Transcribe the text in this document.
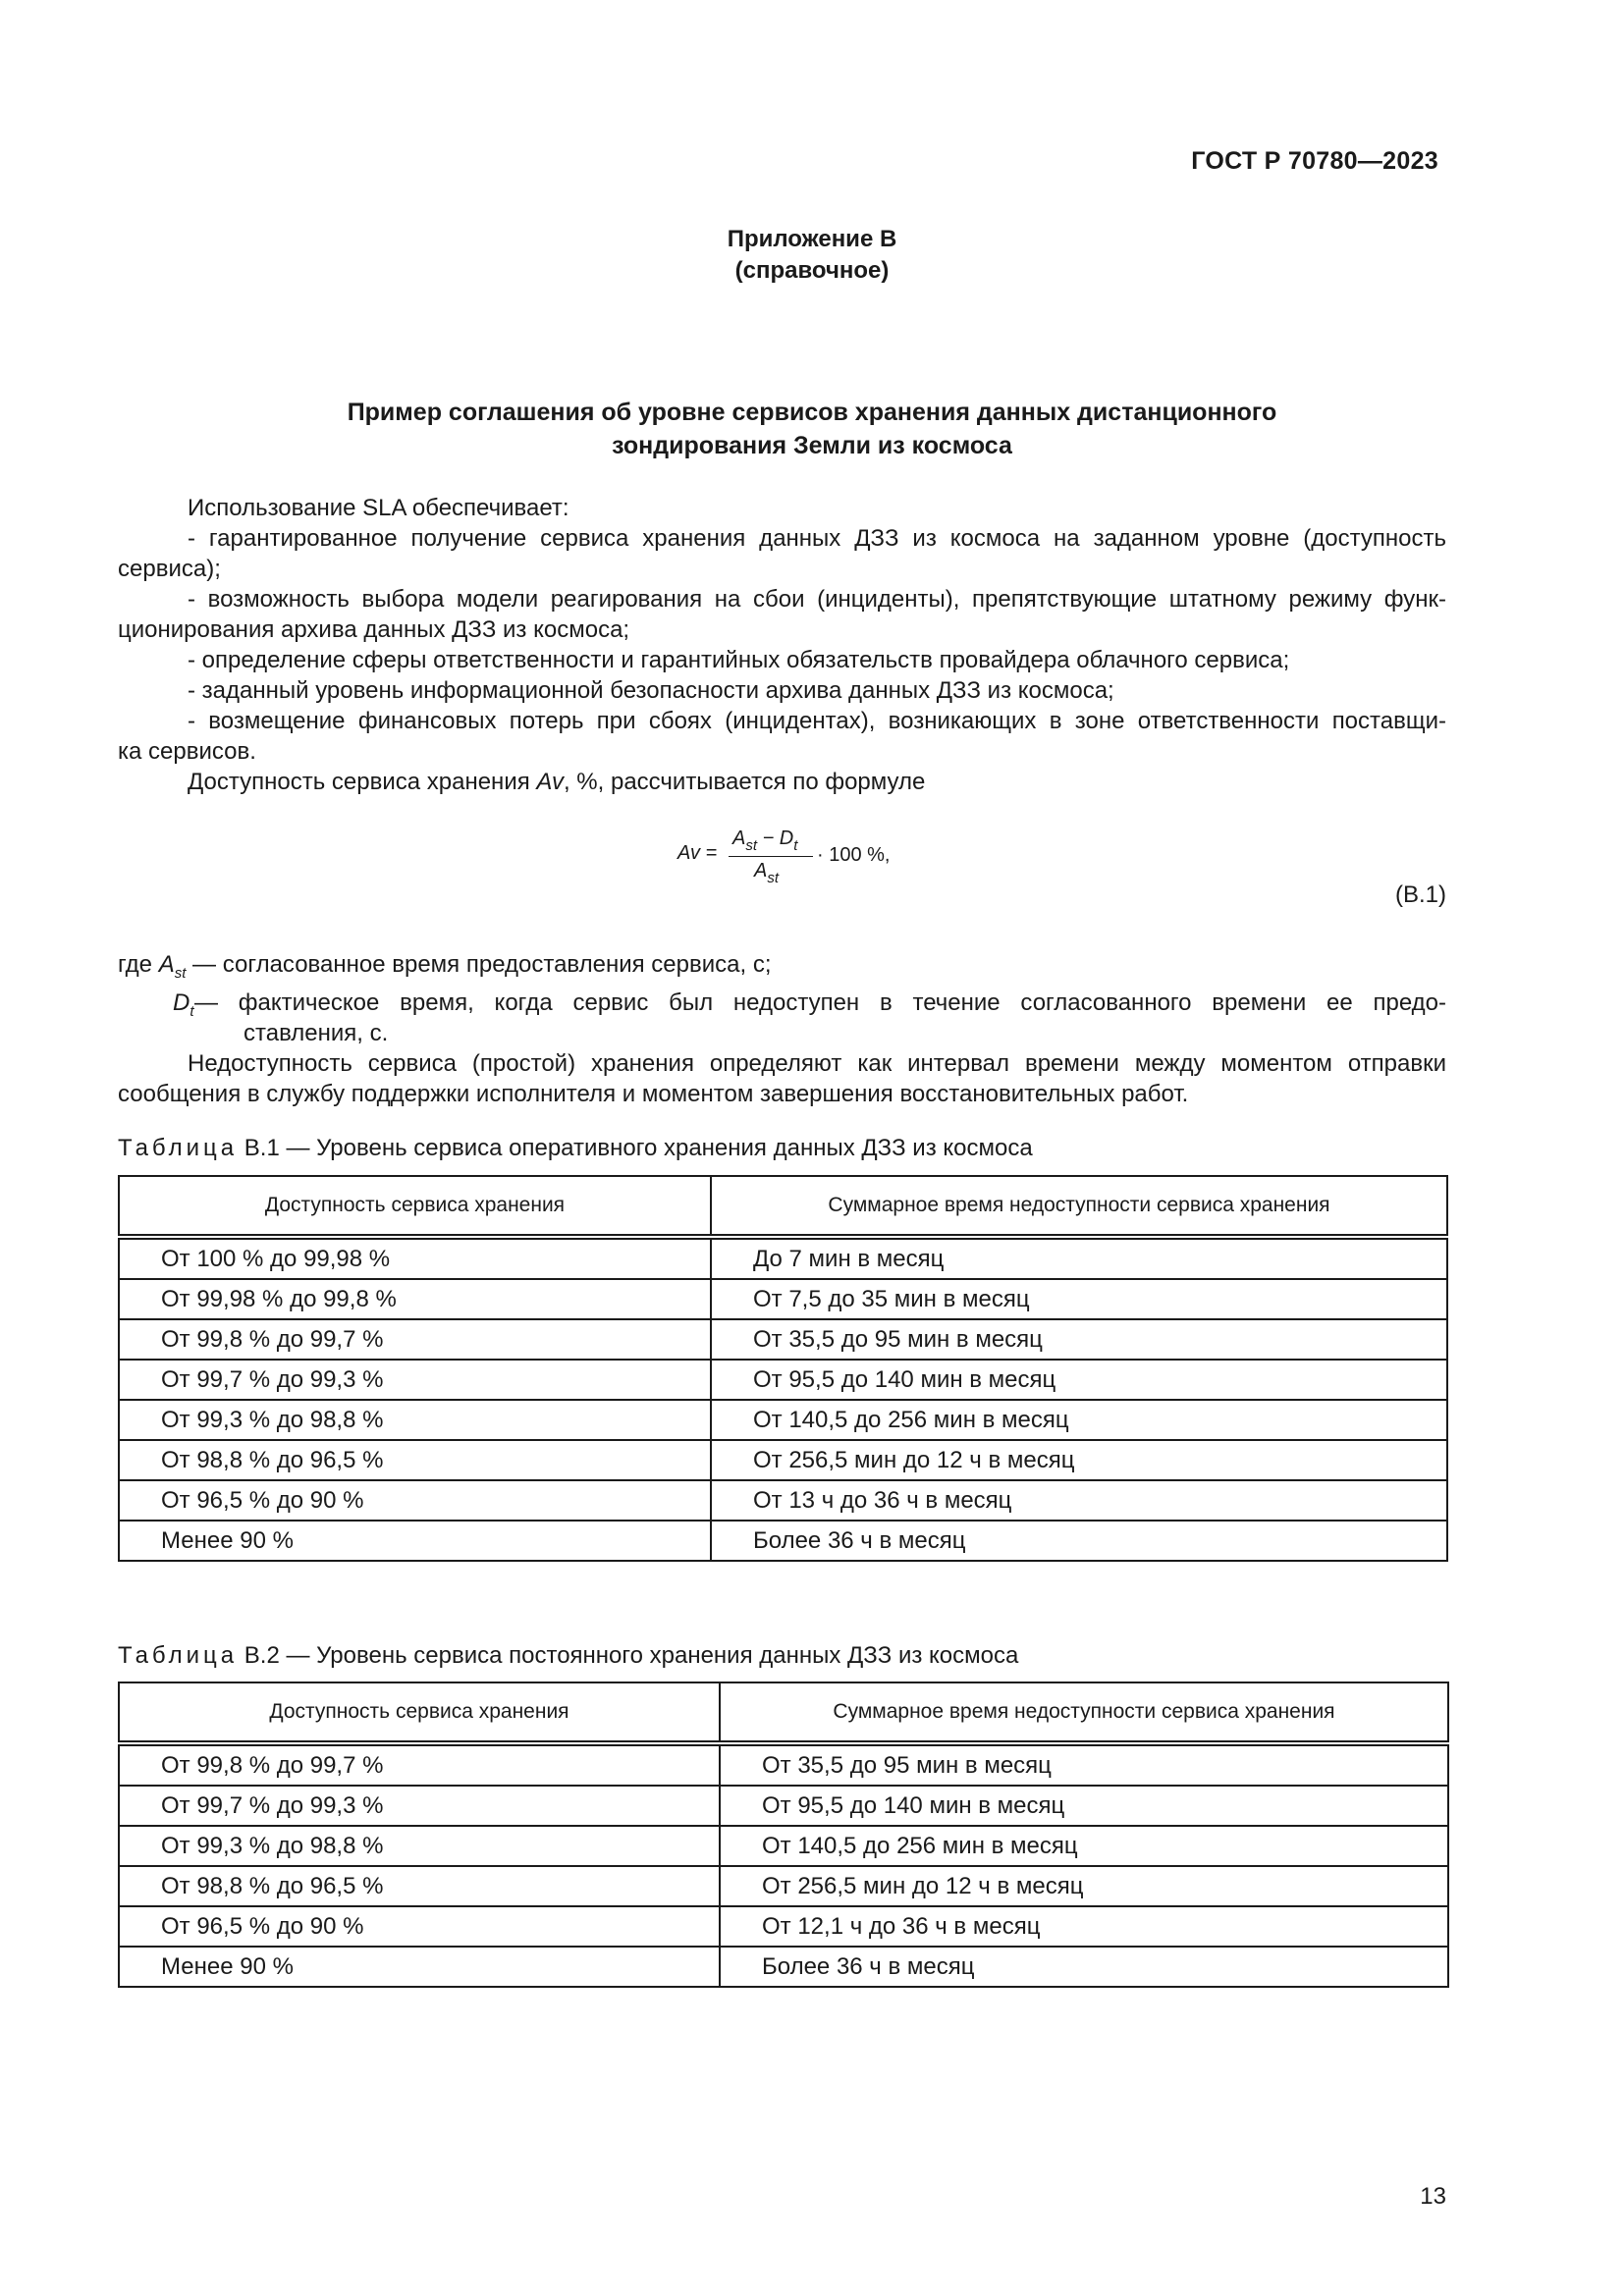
ГОСТ Р 70780—2023
Приложение В
(справочное)
Пример соглашения об уровне сервисов хранения данных дистанционного
зондирования Земли из космоса
Использование SLA обеспечивает:
- гарантированное получение сервиса хранения данных ДЗЗ из космоса на заданном уровне (доступность
сервиса);
- возможность выбора модели реагирования на сбои (инциденты), препятствующие штатному режиму функ-
ционирования архива данных ДЗЗ из космоса;
- определение сферы ответственности и гарантийных обязательств провайдера облачного сервиса;
- заданный уровень информационной безопасности архива данных ДЗЗ из космоса;
- возмещение финансовых потерь при сбоях (инцидентах), возникающих в зоне ответственности поставщи-
ка сервисов.
Доступность сервиса хранения Av, %, рассчитывается по формуле
Av =
$A_{st} - D_t$
$A_{st}$
· 100 %,
(В.1)
где $A_{st}$ — согласованное время предоставления сервиса, с;
$D_t$ — фактическое время, когда сервис был недоступен в течение согласованного времени ее предо-
ставления, с.
Недоступность сервиса (простой) хранения определяют как интервал времени между моментом отправки
сообщения в службу поддержки исполнителя и моментом завершения восстановительных работ.
Таблица В.1 — Уровень сервиса оперативного хранения данных ДЗЗ из космоса
Доступность сервиса хранения	Суммарное время недоступности сервиса хранения
От 100 % до 99,98 %	До 7 мин в месяц
От 99,98 % до 99,8 %	От 7,5 до 35 мин в месяц
От 99,8 % до 99,7 %	От 35,5 до 95 мин в месяц
От 99,7 % до 99,3 %	От 95,5 до 140 мин в месяц
От 99,3 % до 98,8 %	От 140,5 до 256 мин в месяц
От 98,8 % до 96,5 %	От 256,5 мин до 12 ч в месяц
От 96,5 % до 90 %	От 13 ч до 36 ч в месяц
Менее 90 %	Более 36 ч в месяц
Таблица В.2 — Уровень сервиса постоянного хранения данных ДЗЗ из космоса
Доступность сервиса хранения	Суммарное время недоступности сервиса хранения
От 99,8 % до 99,7 %	От 35,5 до 95 мин в месяц
От 99,7 % до 99,3 %	От 95,5 до 140 мин в месяц
От 99,3 % до 98,8 %	От 140,5 до 256 мин в месяц
От 98,8 % до 96,5 %	От 256,5 мин до 12 ч в месяц
От 96,5 % до 90 %	От 12,1 ч до 36 ч в месяц
Менее 90 %	Более 36 ч в месяц
13
